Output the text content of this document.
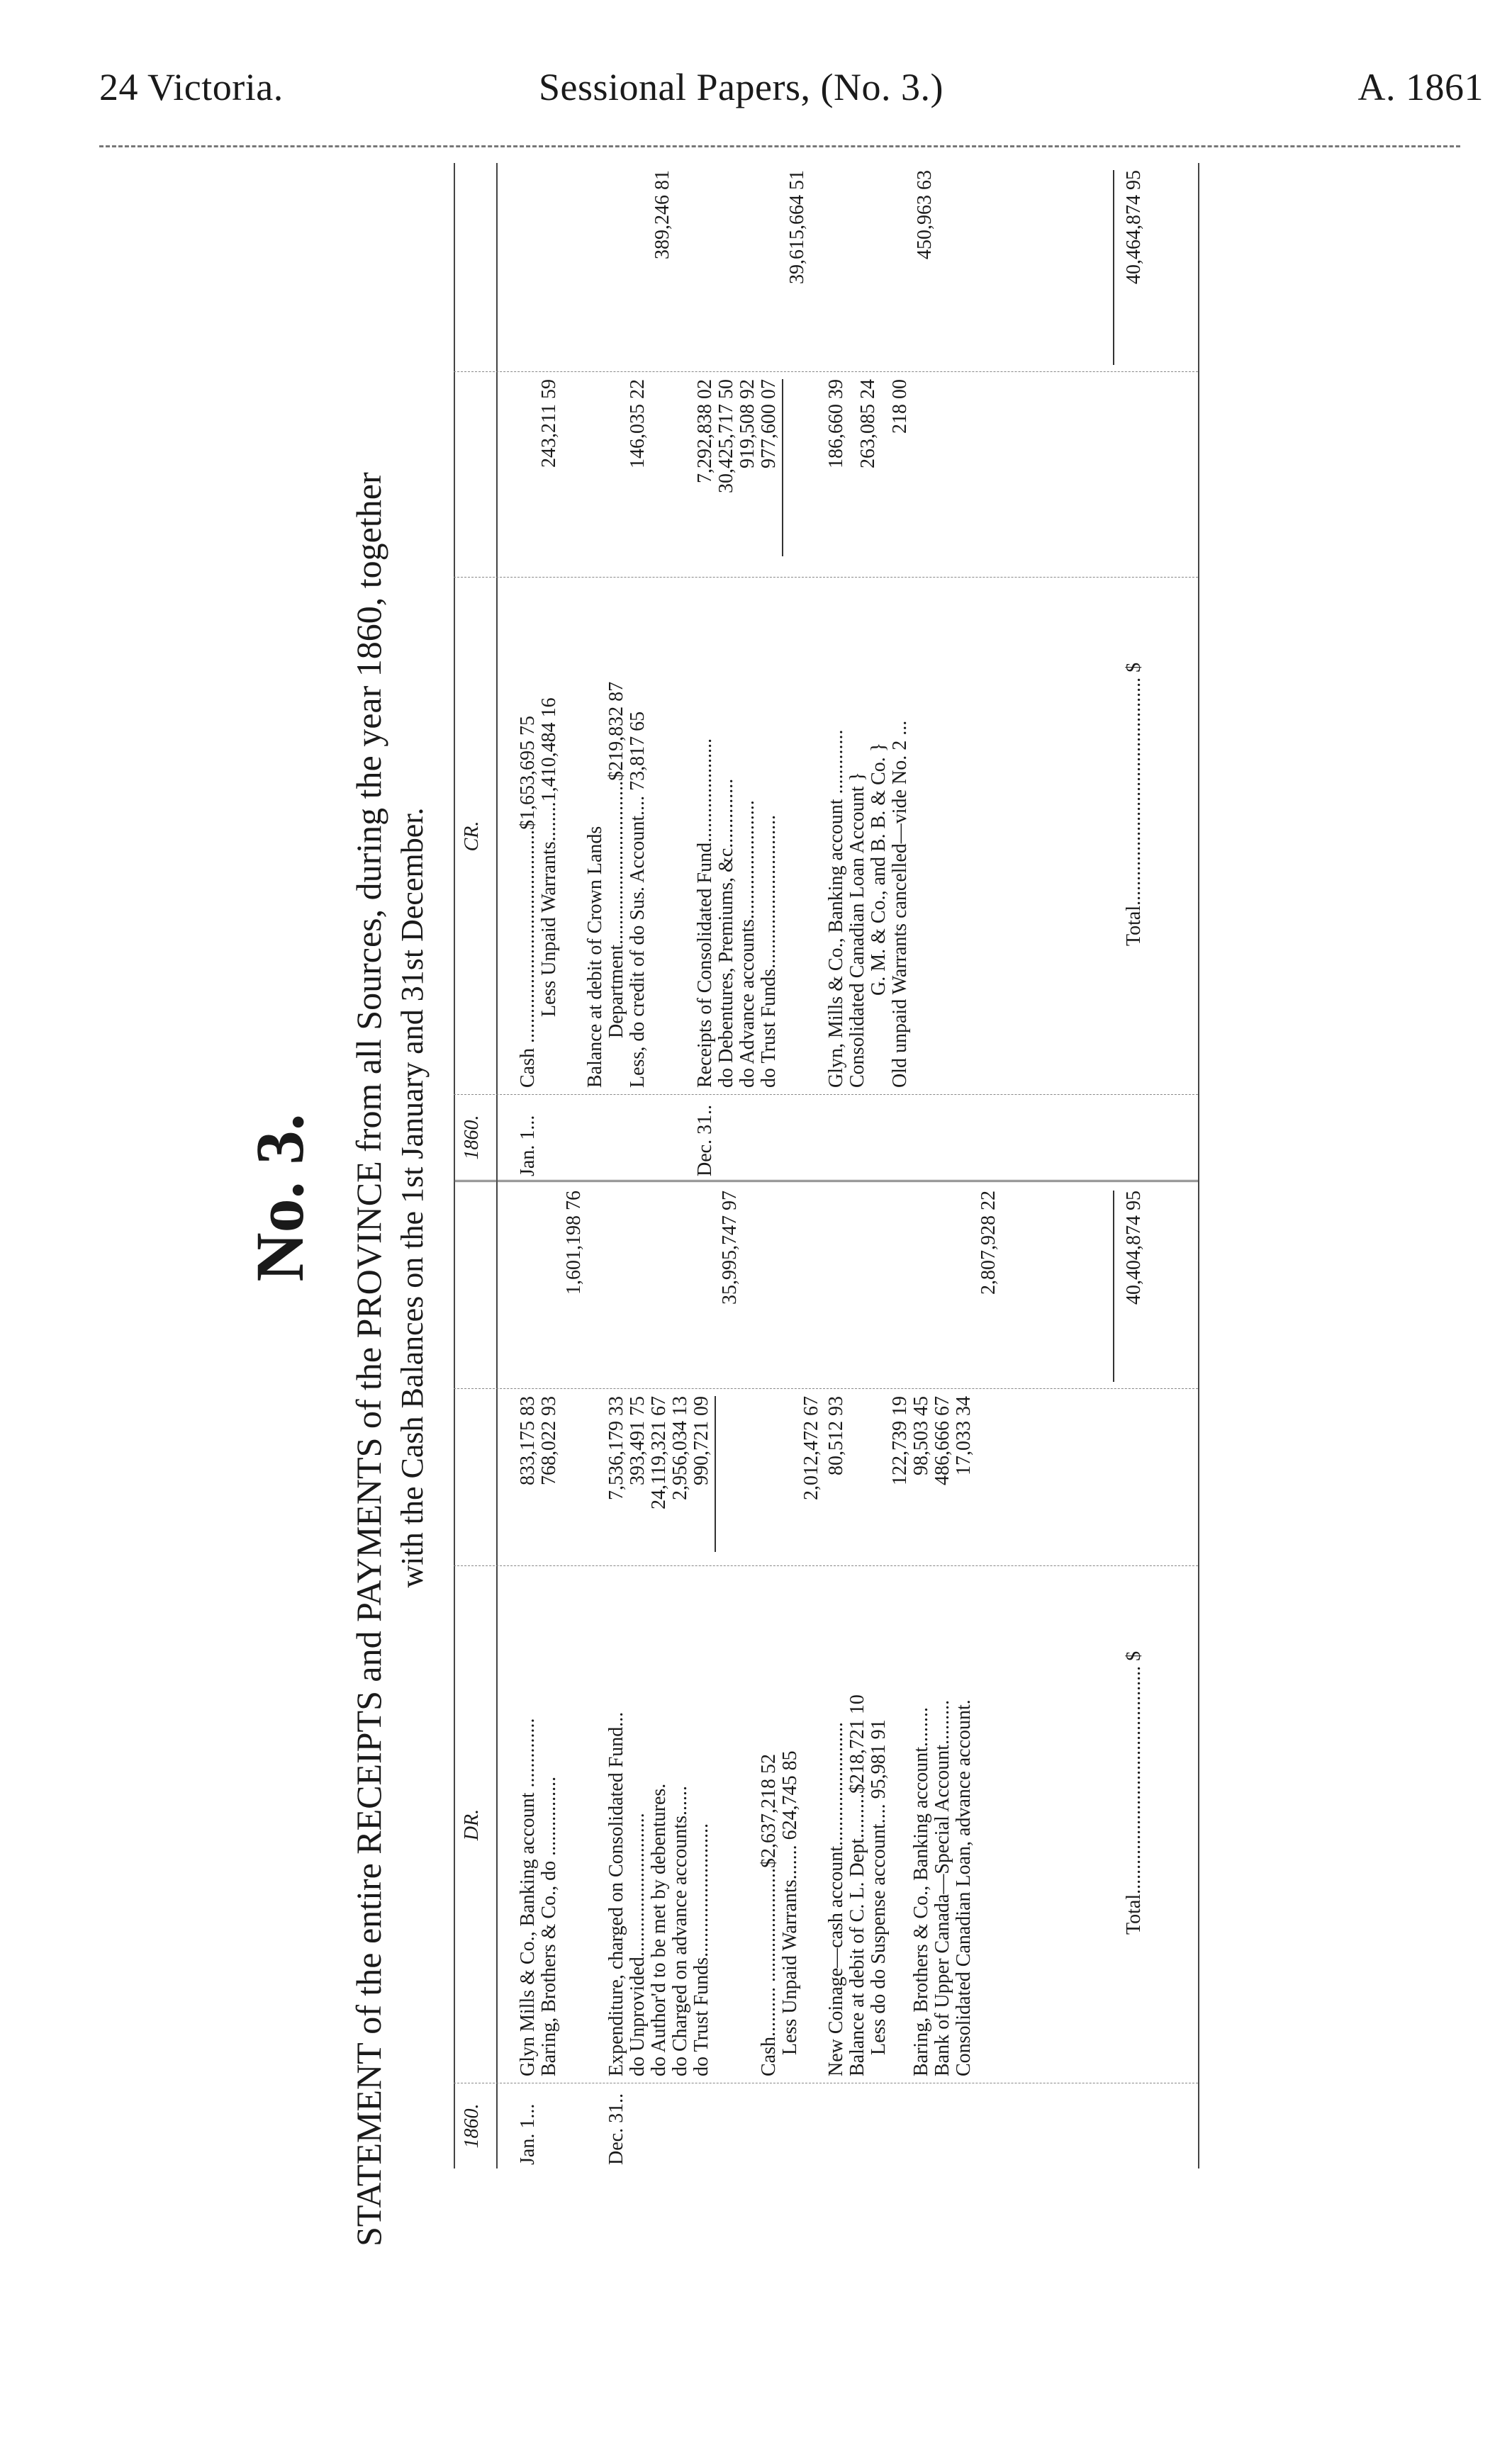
24 Victoria.	Sessional Papers, (No. 3.)	A. 1861
No. 3. STATEMENT of the entire RECEIPTS and PAYMENTS of the PROVINCE from all Sources, during the year 1860, together with the Cash Balances on the 1st January and 31st December.
1860.
DR.
Jan. 1...
Glyn Mills & Co., Banking account ..............
833,175 83
Baring, Brothers & Co., do ................
768,022 93
1,601,198 76
Dec. 31..
Expenditure, charged on Consolidated Fund...
7,536,179 33
do Unprovided.............................
393,491 75
do Author'd to be met by debentures.
24,119,321 67
do Charged on advance accounts......
2,956,034 13
do Trust Funds...........................
990,721 09
35,995,747 97
Cash.......... .......................$2,637,218 52 Less Unpaid Warrants....... 624,745 85
2,012,472 67
New Coinage—cash account.........................
80,512 93
Balance at debit of C. L. Dept.........$218,721 10 Less do do Suspense account.... 95,981 91
122,739 19
Baring, Brothers & Co., Banking account........
98,503 45
Bank of Upper Canada—Special Account.........
486,666 67
Consolidated Canadian Loan, advance account.
17,033 34
2,807,928 22
Total.............................................. $
40,404,874 95
1860.
CR.
Jan. 1...
Cash ...........................................$1,653,695 75 Less Unpaid Warrants........1,410,484 16
243,211 59
Balance at debit of Crown Lands Department.................................$219,832 87 Less, do credit of do Sus. Account.... 73,817 65
146,035 22
389,246 81
Dec. 31..
Receipts of Consolidated Fund.....................
7,292,838 02
do Debentures, Premiums, &c..............
30,425,717 50
do Advance accounts........................
919,508 92
do Trust Funds...............................
977,600 07
39,615,664 51
Glyn, Mills & Co., Banking account .............
186,660 39
Consolidated Canadian Loan Account } G. M. & Co., and B. B. & Co. }
263,085 24
Old unpaid Warrants cancelled—vide No. 2 ...
218 00
450,963 63
Total.............................................. $
40,464,874 95
